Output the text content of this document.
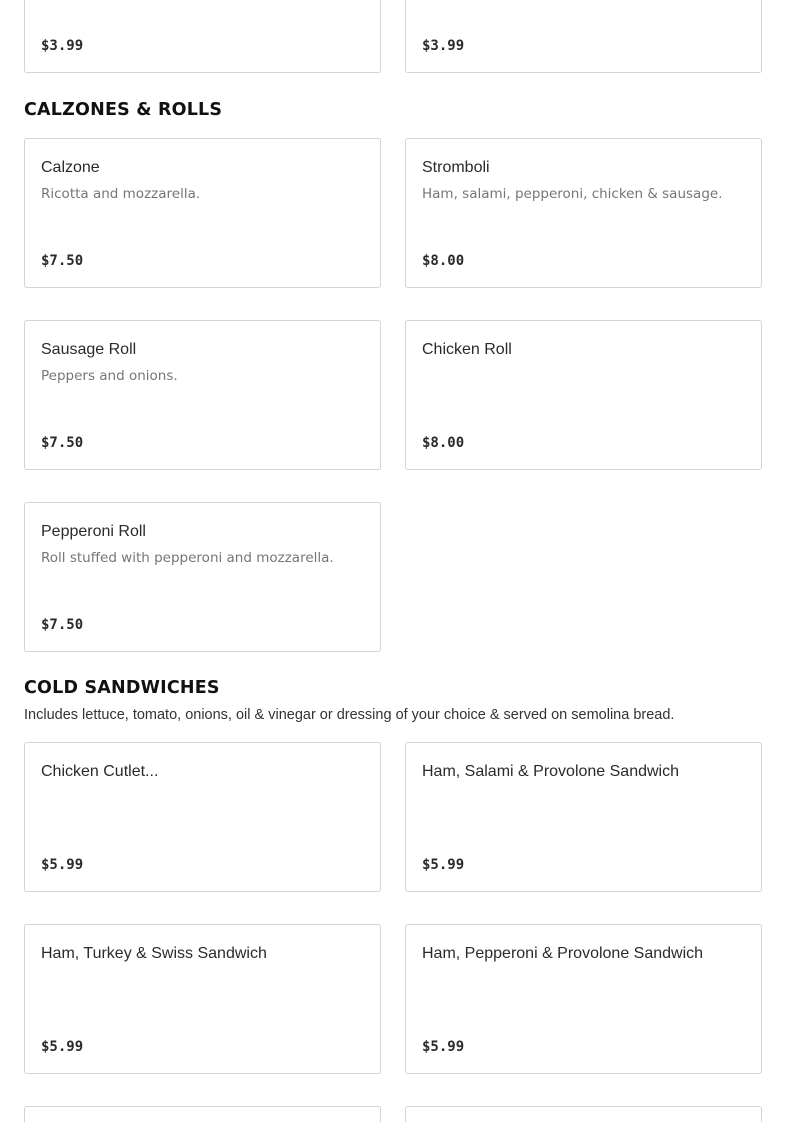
$3.99	$3.99
CALZONES & ROLLS
Calzone
Ricotta and mozzarella.
$7.50
Stromboli
Ham, salami, pepperoni, chicken & sausage.
$8.00
Sausage Roll
Peppers and onions.
$7.50
Chicken Roll
$8.00
Pepperoni Roll
Roll stuffed with pepperoni and mozzarella.
$7.50
COLD SANDWICHES

Includes lettuce, tomato, onions, oil & vinegar or dressing of your choice & served on semolina bread.

Chicken Cutlet...
$5.99
Ham, Salami & Provolone Sandwich
$5.99
Ham, Turkey & Swiss Sandwich
$5.99
Ham, Pepperoni & Provolone Sandwich
$5.99
